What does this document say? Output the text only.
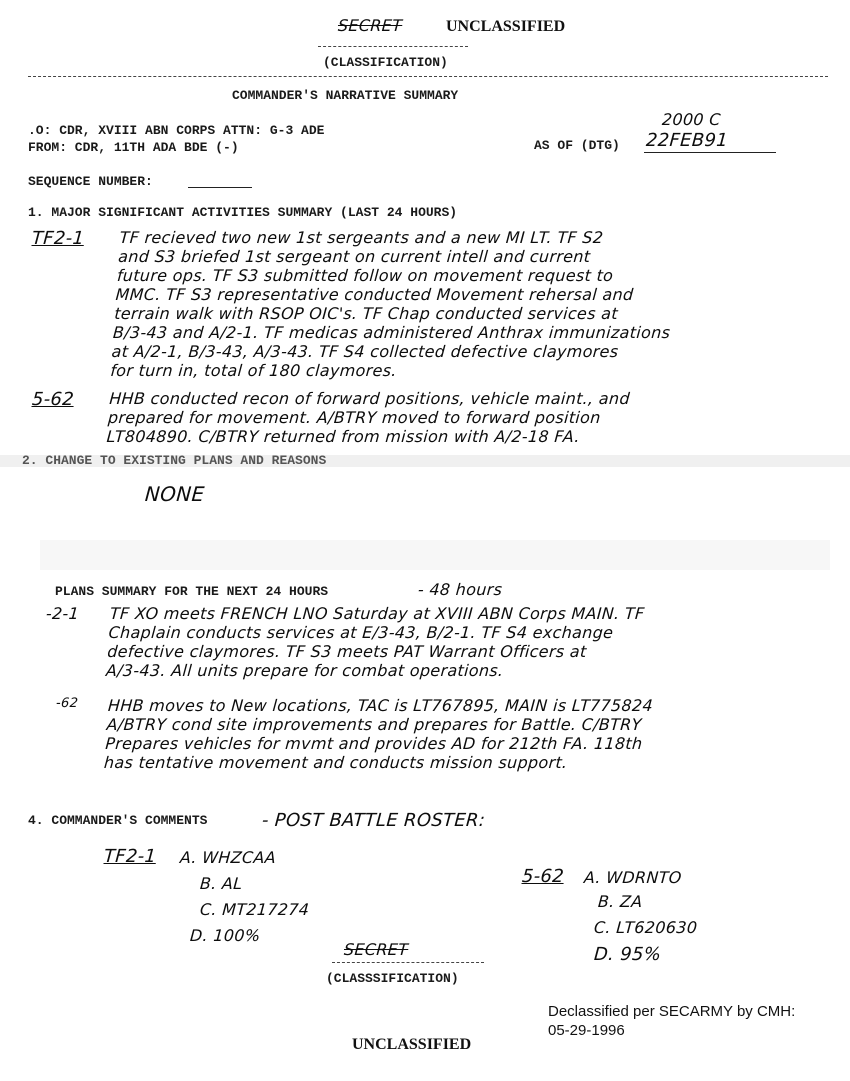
SECRET	UNCLASSIFIED
(CLASSIFICATION)
COMMANDER'S NARRATIVE SUMMARY
.O: CDR, XVIII ABN CORPS ATTN: G-3 ADE
FROM: CDR, 11TH ADA BDE (-)
2000 C
AS OF (DTG) 22FEB91
SEQUENCE NUMBER:
1. MAJOR SIGNIFICANT ACTIVITIES SUMMARY (LAST 24 HOURS)
TF2-1 TF recieved two new 1st sergeants and a new MI LT. TF S2
and S3 briefed 1st sergeant on current intell and current
future ops. TF S3 submitted follow on movement request to
MMC. TF S3 representative conducted Movement rehersal and
terrain walk with RSOP OIC's. TF Chap conducted services at
B/3-43 and A/2-1. TF medicas administered Anthrax immunizations
at A/2-1, B/3-43, A/3-43. TF S4 collected defective claymores
for turn in, total of 180 claymores.
5-62 HHB conducted recon of forward positions, vehicle maint., and
prepared for movement. A/BTRY moved to forward position
LT804890. C/BTRY returned from mission with A/2-18 FA.
2. CHANGE TO EXISTING PLANS AND REASONS
NONE
PLANS SUMMARY FOR THE NEXT 24 HOURS	- 48 hours
-2-1 TF XO meets FRENCH LNO Saturday at XVIII ABN Corps MAIN. TF
Chaplain conducts services at E/3-43, B/2-1. TF S4 exchange
defective claymores. TF S3 meets PAT Warrant Officers at
A/3-43. All units prepare for combat operations.
-62 HHB moves to New locations, TAC is LT767895, MAIN is LT775824
A/BTRY cond site improvements and prepares for Battle. C/BTRY
Prepares vehicles for mvmt and provides AD for 212th FA. 118th
has tentative movement and conducts mission support.
4. COMMANDER'S COMMENTS	- POST BATTLE ROSTER:
TF2-1 A. WHZCAA
B. AL
C. MT217274
D. 100%
5-62 A. WDRNTO
B. ZA
C. LT620630
D. 95%
SECRET
(CLASSSIFICATION)
Declassified per SECARMY by CMH:
05-29-1996
UNCLASSIFIED
